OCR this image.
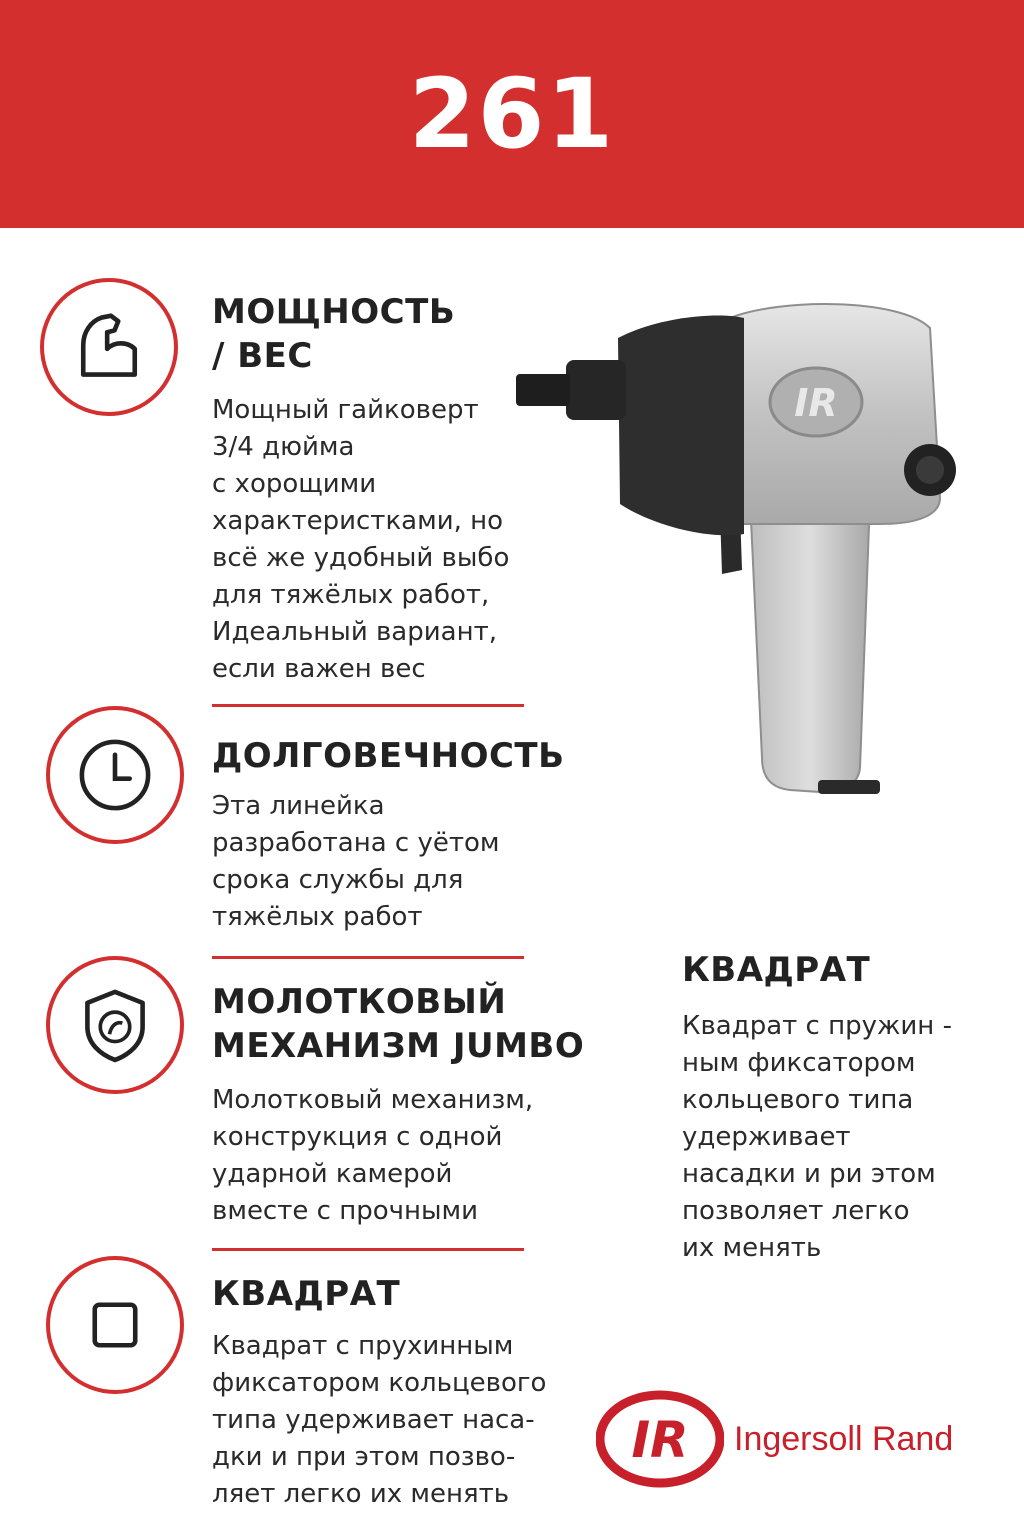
261
МОЩНОСТЬ
/ ВЕС
Мощный гайковерт
3/4 дюйма
с хорощими
характеристками, но
всё же удобный выбо
для тяжёлых работ,
Идеальный вариант,
если важен вес
ДОЛГОВЕЧНОСТЬ
Эта линейка
разработана с уётом
срока службы для
тяжёлых работ
МОЛОТКОВЫЙ
МЕХАНИЗМ JUMBO
Молотковый механизм,
конструкция с одной
ударной камерой
вместе с прочными
КВАДРАТ
Квадрат с прухинным
фиксатором кольцевого
типа удерживает наса-
дки и при этом позво-
ляет легко их менять
IR
КВАДРАТ
Квадрат с пружин -
ным фиксатором
кольцевого типа
удерживает
насадки и ри этом
позволяет легко
их менять
IR Ingersoll Rand
